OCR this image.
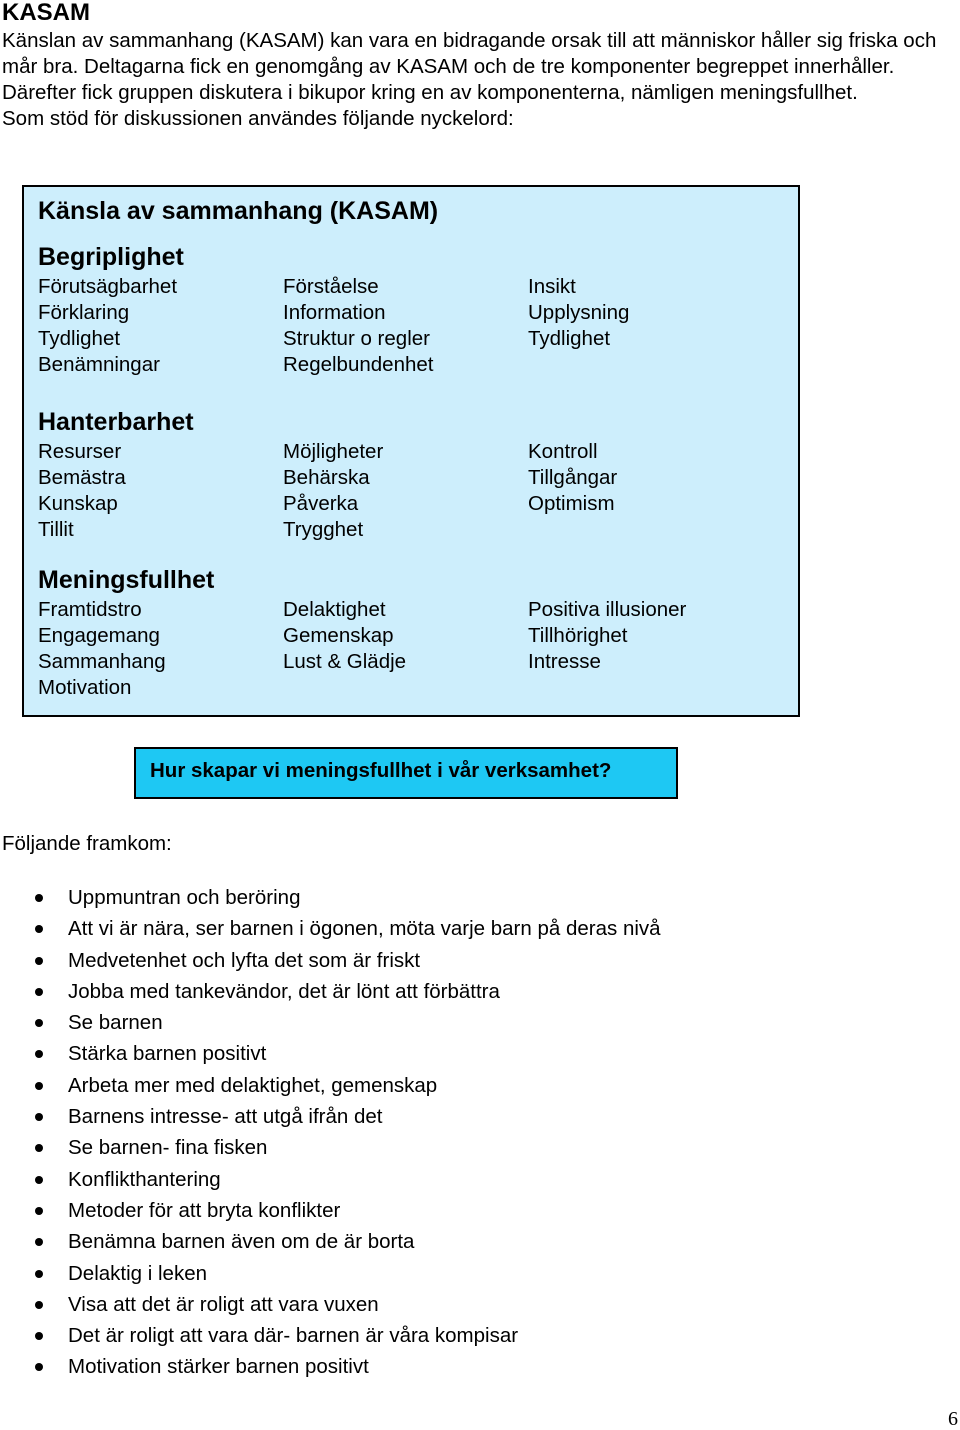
KASAM

Känslan av sammanhang (KASAM) kan vara en bidragande orsak till att människor håller sig friska och mår bra. Deltagarna fick en genomgång av KASAM och de tre komponenter begreppet innerhåller. Därefter fick gruppen diskutera i bikupor kring en av komponenterna, nämligen meningsfullhet.

Som stöd för diskussionen användes följande nyckelord:

Känsla av sammanhang (KASAM)
Begriplighet
Förutsägbarhet	Förståelse	Insikt
Förklaring	Information	Upplysning
Tydlighet	Struktur o regler	Tydlighet
Benämningar	Regelbundenhet
Hanterbarhet
Resurser	Möjligheter	Kontroll
Bemästra	Behärska	Tillgångar
Kunskap	Påverka	Optimism
Tillit	Trygghet
Meningsfullhet
Framtidstro	Delaktighet	Positiva illusioner
Engagemang	Gemenskap	Tillhörighet
Sammanhang	Lust & Glädje	Intresse
Motivation
Hur skapar vi meningsfullhet i vår verksamhet?
Följande framkom:
Uppmuntran och beröring
Att vi är nära, ser barnen i ögonen, möta varje barn på deras nivå
Medvetenhet och lyfta det som är friskt
Jobba med tankevändor, det är lönt att förbättra
Se barnen
Stärka barnen positivt
Arbeta mer med delaktighet, gemenskap
Barnens intresse- att utgå ifrån det
Se barnen- fina fisken
Konflikthantering
Metoder för att bryta konflikter
Benämna barnen även om de är borta
Delaktig i leken
Visa att det är roligt att vara vuxen
Det är roligt att vara där- barnen är våra kompisar
Motivation stärker barnen positivt
6
